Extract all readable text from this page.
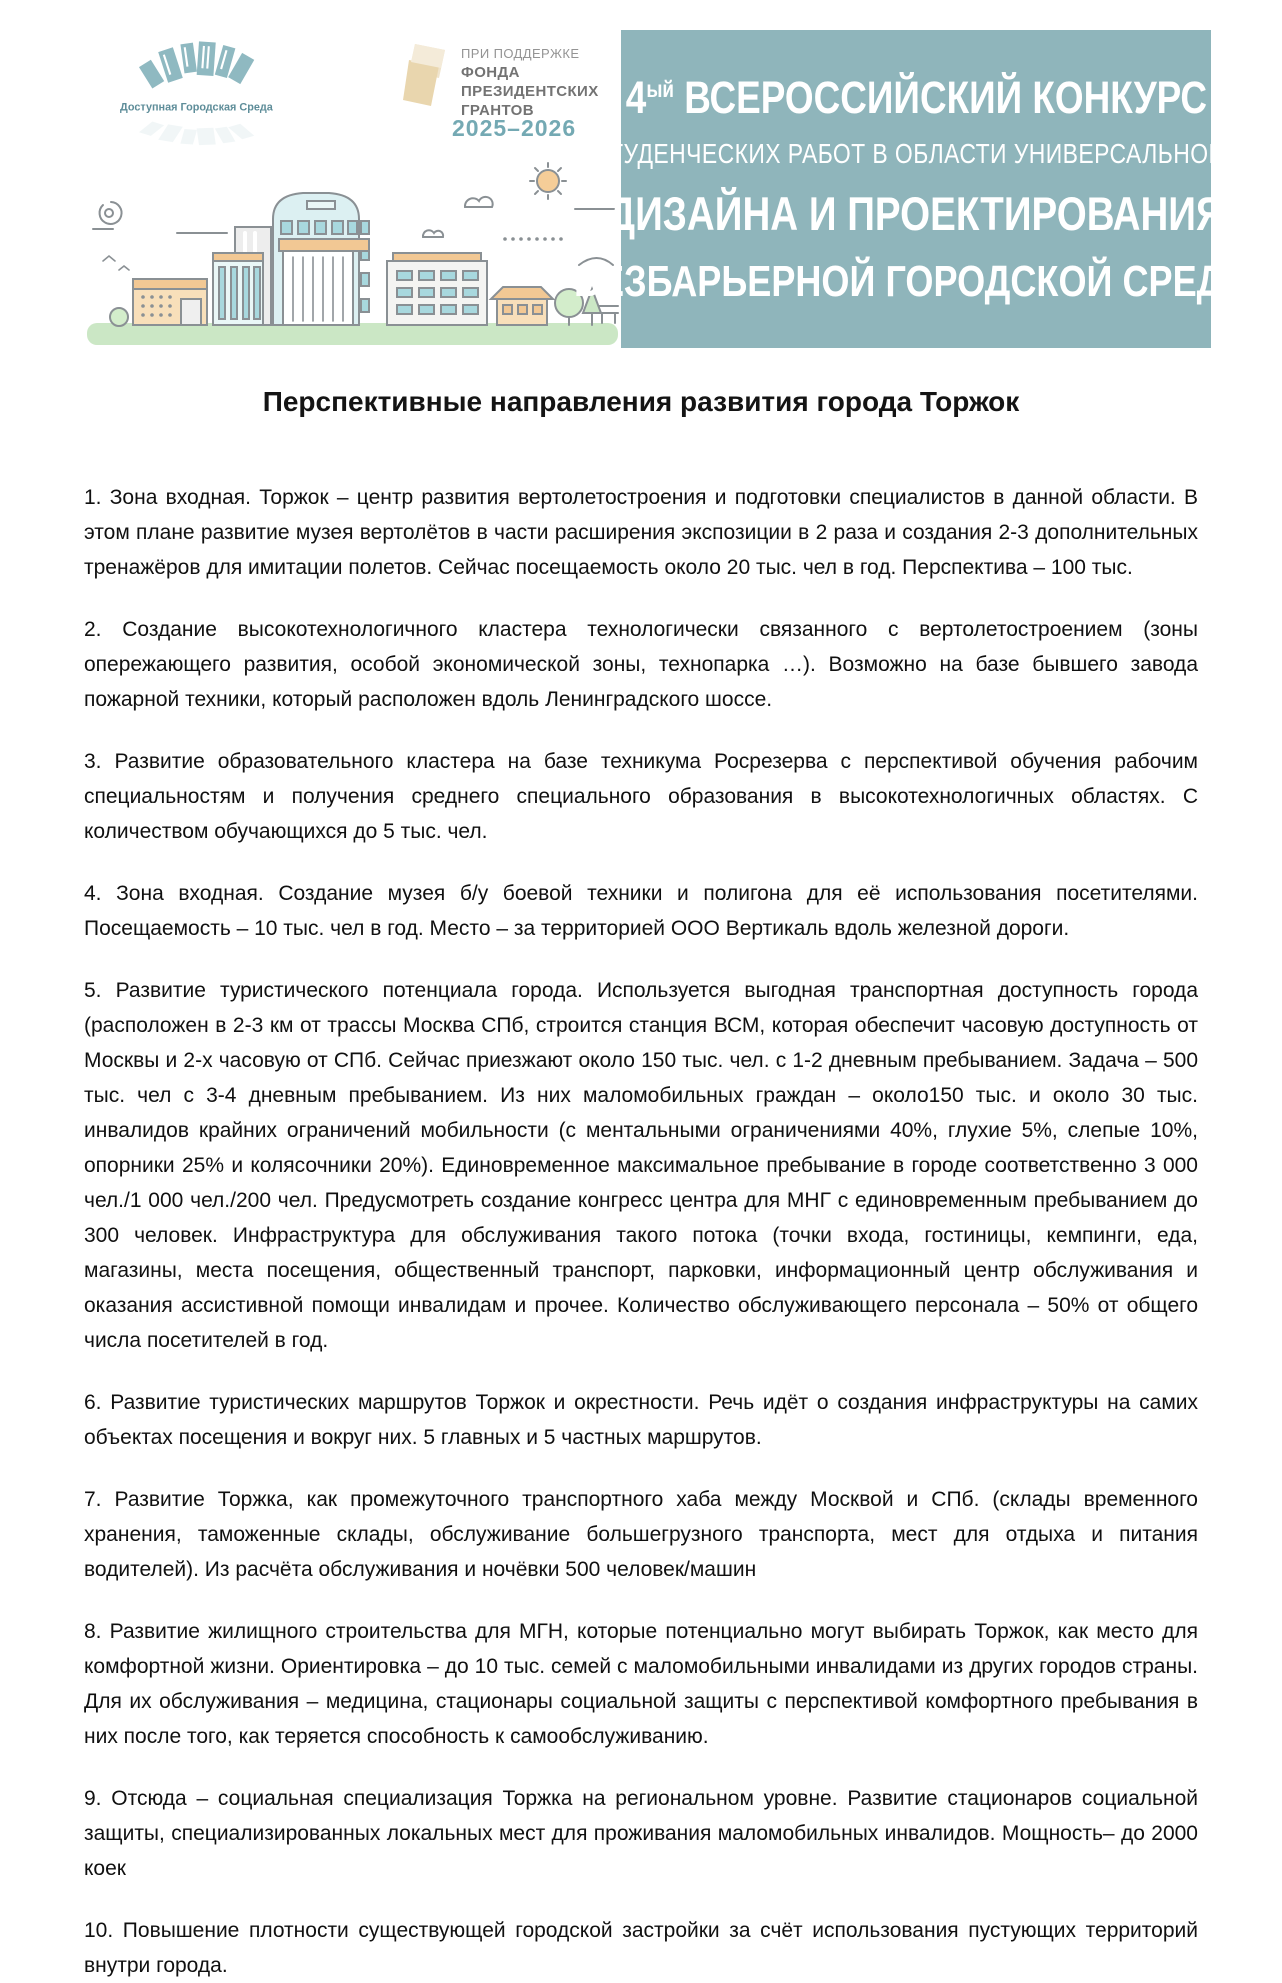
Доступная Городская Среда
ПРИ ПОДДЕРЖКЕ
ФОНДА
ПРЕЗИДЕНТСКИХ
ГРАНТОВ
2025–2026
$4^{ый}$ ВСЕРОССИЙСКИЙ КОНКУРС
СТУДЕНЧЕСКИХ РАБОТ В ОБЛАСТИ УНИВЕРСАЛЬНОГО
ДИЗАЙНА И ПРОЕКТИРОВАНИЯ
БЕЗБАРЬЕРНОЙ ГОРОДСКОЙ СРЕДЫ
Перспективные направления развития города Торжок

1. Зона входная. Торжок – центр развития вертолетостроения и подготовки специалистов в данной области. В этом плане развитие музея вертолётов в части расширения экспозиции в 2 раза и создания 2-3 дополнительных тренажёров для имитации полетов. Сейчас посещаемость около 20 тыс. чел в год. Перспектива – 100 тыс.

2. Создание высокотехнологичного кластера технологически связанного с вертолетостроением (зоны опережающего развития, особой экономической зоны, технопарка …). Возможно на базе бывшего завода пожарной техники, который расположен вдоль Ленинградского шоссе.

3. Развитие образовательного кластера на базе техникума Росрезерва с перспективой обучения рабочим специальностям и получения среднего специального образования в высокотехнологичных областях. С количеством обучающихся до 5 тыс. чел.

4. Зона входная. Создание музея б/у боевой техники и полигона для её использования посетителями. Посещаемость – 10 тыс. чел в год. Место – за территорией ООО Вертикаль вдоль железной дороги.

5. Развитие туристического потенциала города. Используется выгодная транспортная доступность города (расположен в 2-3 км от трассы Москва СПб, строится станция ВСМ, которая обеспечит часовую доступность от Москвы и 2-х часовую от СПб. Сейчас приезжают около 150 тыс. чел. с 1-2 дневным пребыванием. Задача – 500 тыс. чел с 3-4 дневным пребыванием. Из них маломобильных граждан – около150 тыс. и около 30 тыс. инвалидов крайних ограничений мобильности (с ментальными ограничениями 40%, глухие 5%, слепые 10%, опорники 25% и колясочники 20%). Единовременное максимальное пребывание в городе соответственно 3 000 чел./1 000 чел./200 чел. Предусмотреть создание конгресс центра для МНГ с единовременным пребыванием до 300 человек. Инфраструктура для обслуживания такого потока (точки входа, гостиницы, кемпинги, еда, магазины, места посещения, общественный транспорт, парковки, информационный центр обслуживания и оказания ассистивной помощи инвалидам и прочее. Количество обслуживающего персонала – 50% от общего числа посетителей в год.

6. Развитие туристических маршрутов Торжок и окрестности. Речь идёт о создания инфраструктуры на самих объектах посещения и вокруг них. 5 главных и 5 частных маршрутов.

7. Развитие Торжка, как промежуточного транспортного хаба между Москвой и СПб. (склады временного хранения, таможенные склады, обслуживание большегрузного транспорта, мест для отдыха и питания водителей). Из расчёта обслуживания и ночёвки 500 человек/машин

8. Развитие жилищного строительства для МГН, которые потенциально могут выбирать Торжок, как место для комфортной жизни. Ориентировка – до 10 тыс. семей с маломобильными инвалидами из других городов страны. Для их обслуживания – медицина, стационары социальной защиты с перспективой комфортного пребывания в них после того, как теряется способность к самообслуживанию.

9. Отсюда – социальная специализация Торжка на региональном уровне. Развитие стационаров социальной защиты, специализированных локальных мест для проживания маломобильных инвалидов. Мощность– до 2000 коек

10. Повышение плотности существующей городской застройки за счёт использования пустующих территорий внутри города.
